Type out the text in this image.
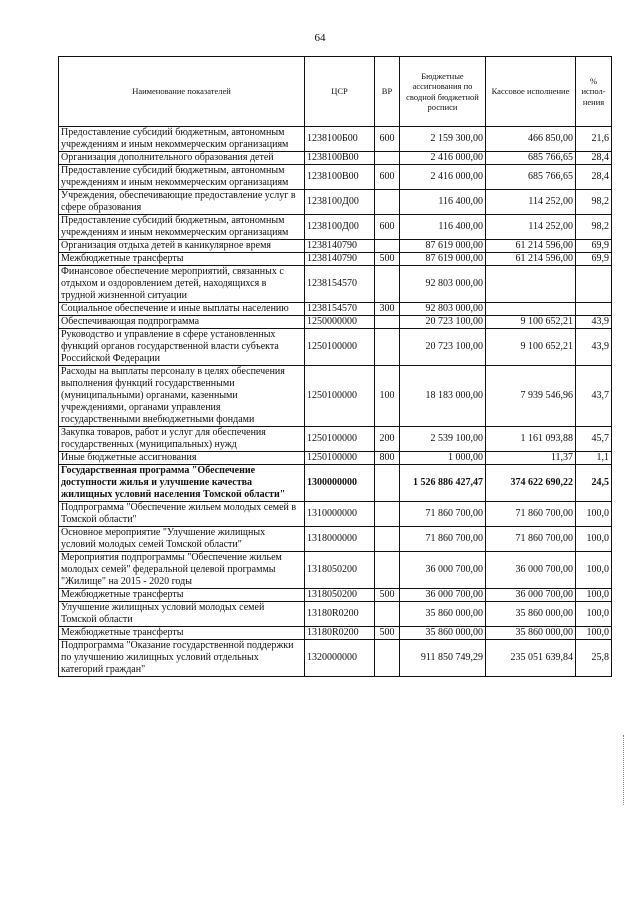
64
Наименование показателей	ЦСР	ВР	Бюджетные ассигнования по сводной бюджетной росписи	Кассовое исполнение	% испол-нения
Предоставление субсидий бюджетным, автономным учреждениям и иным некоммерческим организациям	1238100Б00	600	2 159 300,00	466 850,00	21,6
Организация дополнительного образования детей	1238100В00		2 416 000,00	685 766,65	28,4
Предоставление субсидий бюджетным, автономным учреждениям и иным некоммерческим организациям	1238100В00	600	2 416 000,00	685 766,65	28,4
Учреждения, обеспечивающие предоставление услуг в сфере образования	1238100Д00		116 400,00	114 252,00	98,2
Предоставление субсидий бюджетным, автономным учреждениям и иным некоммерческим организациям	1238100Д00	600	116 400,00	114 252,00	98,2
Организация отдыха детей в каникулярное время	1238140790		87 619 000,00	61 214 596,00	69,9
Межбюджетные трансферты	1238140790	500	87 619 000,00	61 214 596,00	69,9
Финансовое обеспечение мероприятий, связанных с отдыхом и оздоровлением детей, находящихся в трудной жизненной ситуации	1238154570		92 803 000,00		
Социальное обеспечение и иные выплаты населению	1238154570	300	92 803 000,00		
Обеспечивающая подпрограмма	1250000000		20 723 100,00	9 100 652,21	43,9
Руководство и управление в сфере установленных функций органов государственной власти субъекта Российской Федерации	1250100000		20 723 100,00	9 100 652,21	43,9
Расходы на выплаты персоналу в целях обеспечения выполнения функций государственными (муниципальными) органами, казенными учреждениями, органами управления государственными внебюджетными фондами	1250100000	100	18 183 000,00	7 939 546,96	43,7
Закупка товаров, работ и услуг для обеспечения государственных (муниципальных) нужд	1250100000	200	2 539 100,00	1 161 093,88	45,7
Иные бюджетные ассигнования	1250100000	800	1 000,00	11,37	1,1
Государственная программа "Обеспечение доступности жилья и улучшение качества жилищных условий населения Томской области"	1300000000		1 526 886 427,47	374 622 690,22	24,5
Подпрограмма "Обеспечение жильем молодых семей в Томской области"	1310000000		71 860 700,00	71 860 700,00	100,0
Основное мероприятие "Улучшение жилищных условий молодых семей Томской области"	1318000000		71 860 700,00	71 860 700,00	100,0
Мероприятия подпрограммы "Обеспечение жильем молодых семей" федеральной целевой программы "Жилище" на 2015 - 2020 годы	1318050200		36 000 700,00	36 000 700,00	100,0
Межбюджетные трансферты	1318050200	500	36 000 700,00	36 000 700,00	100,0
Улучшение жилищных условий молодых семей Томской области	13180R0200		35 860 000,00	35 860 000,00	100,0
Межбюджетные трансферты	13180R0200	500	35 860 000,00	35 860 000,00	100,0
Подпрограмма "Оказание государственной поддержки по улучшению жилищных условий отдельных категорий граждан"	1320000000		911 850 749,29	235 051 639,84	25,8
